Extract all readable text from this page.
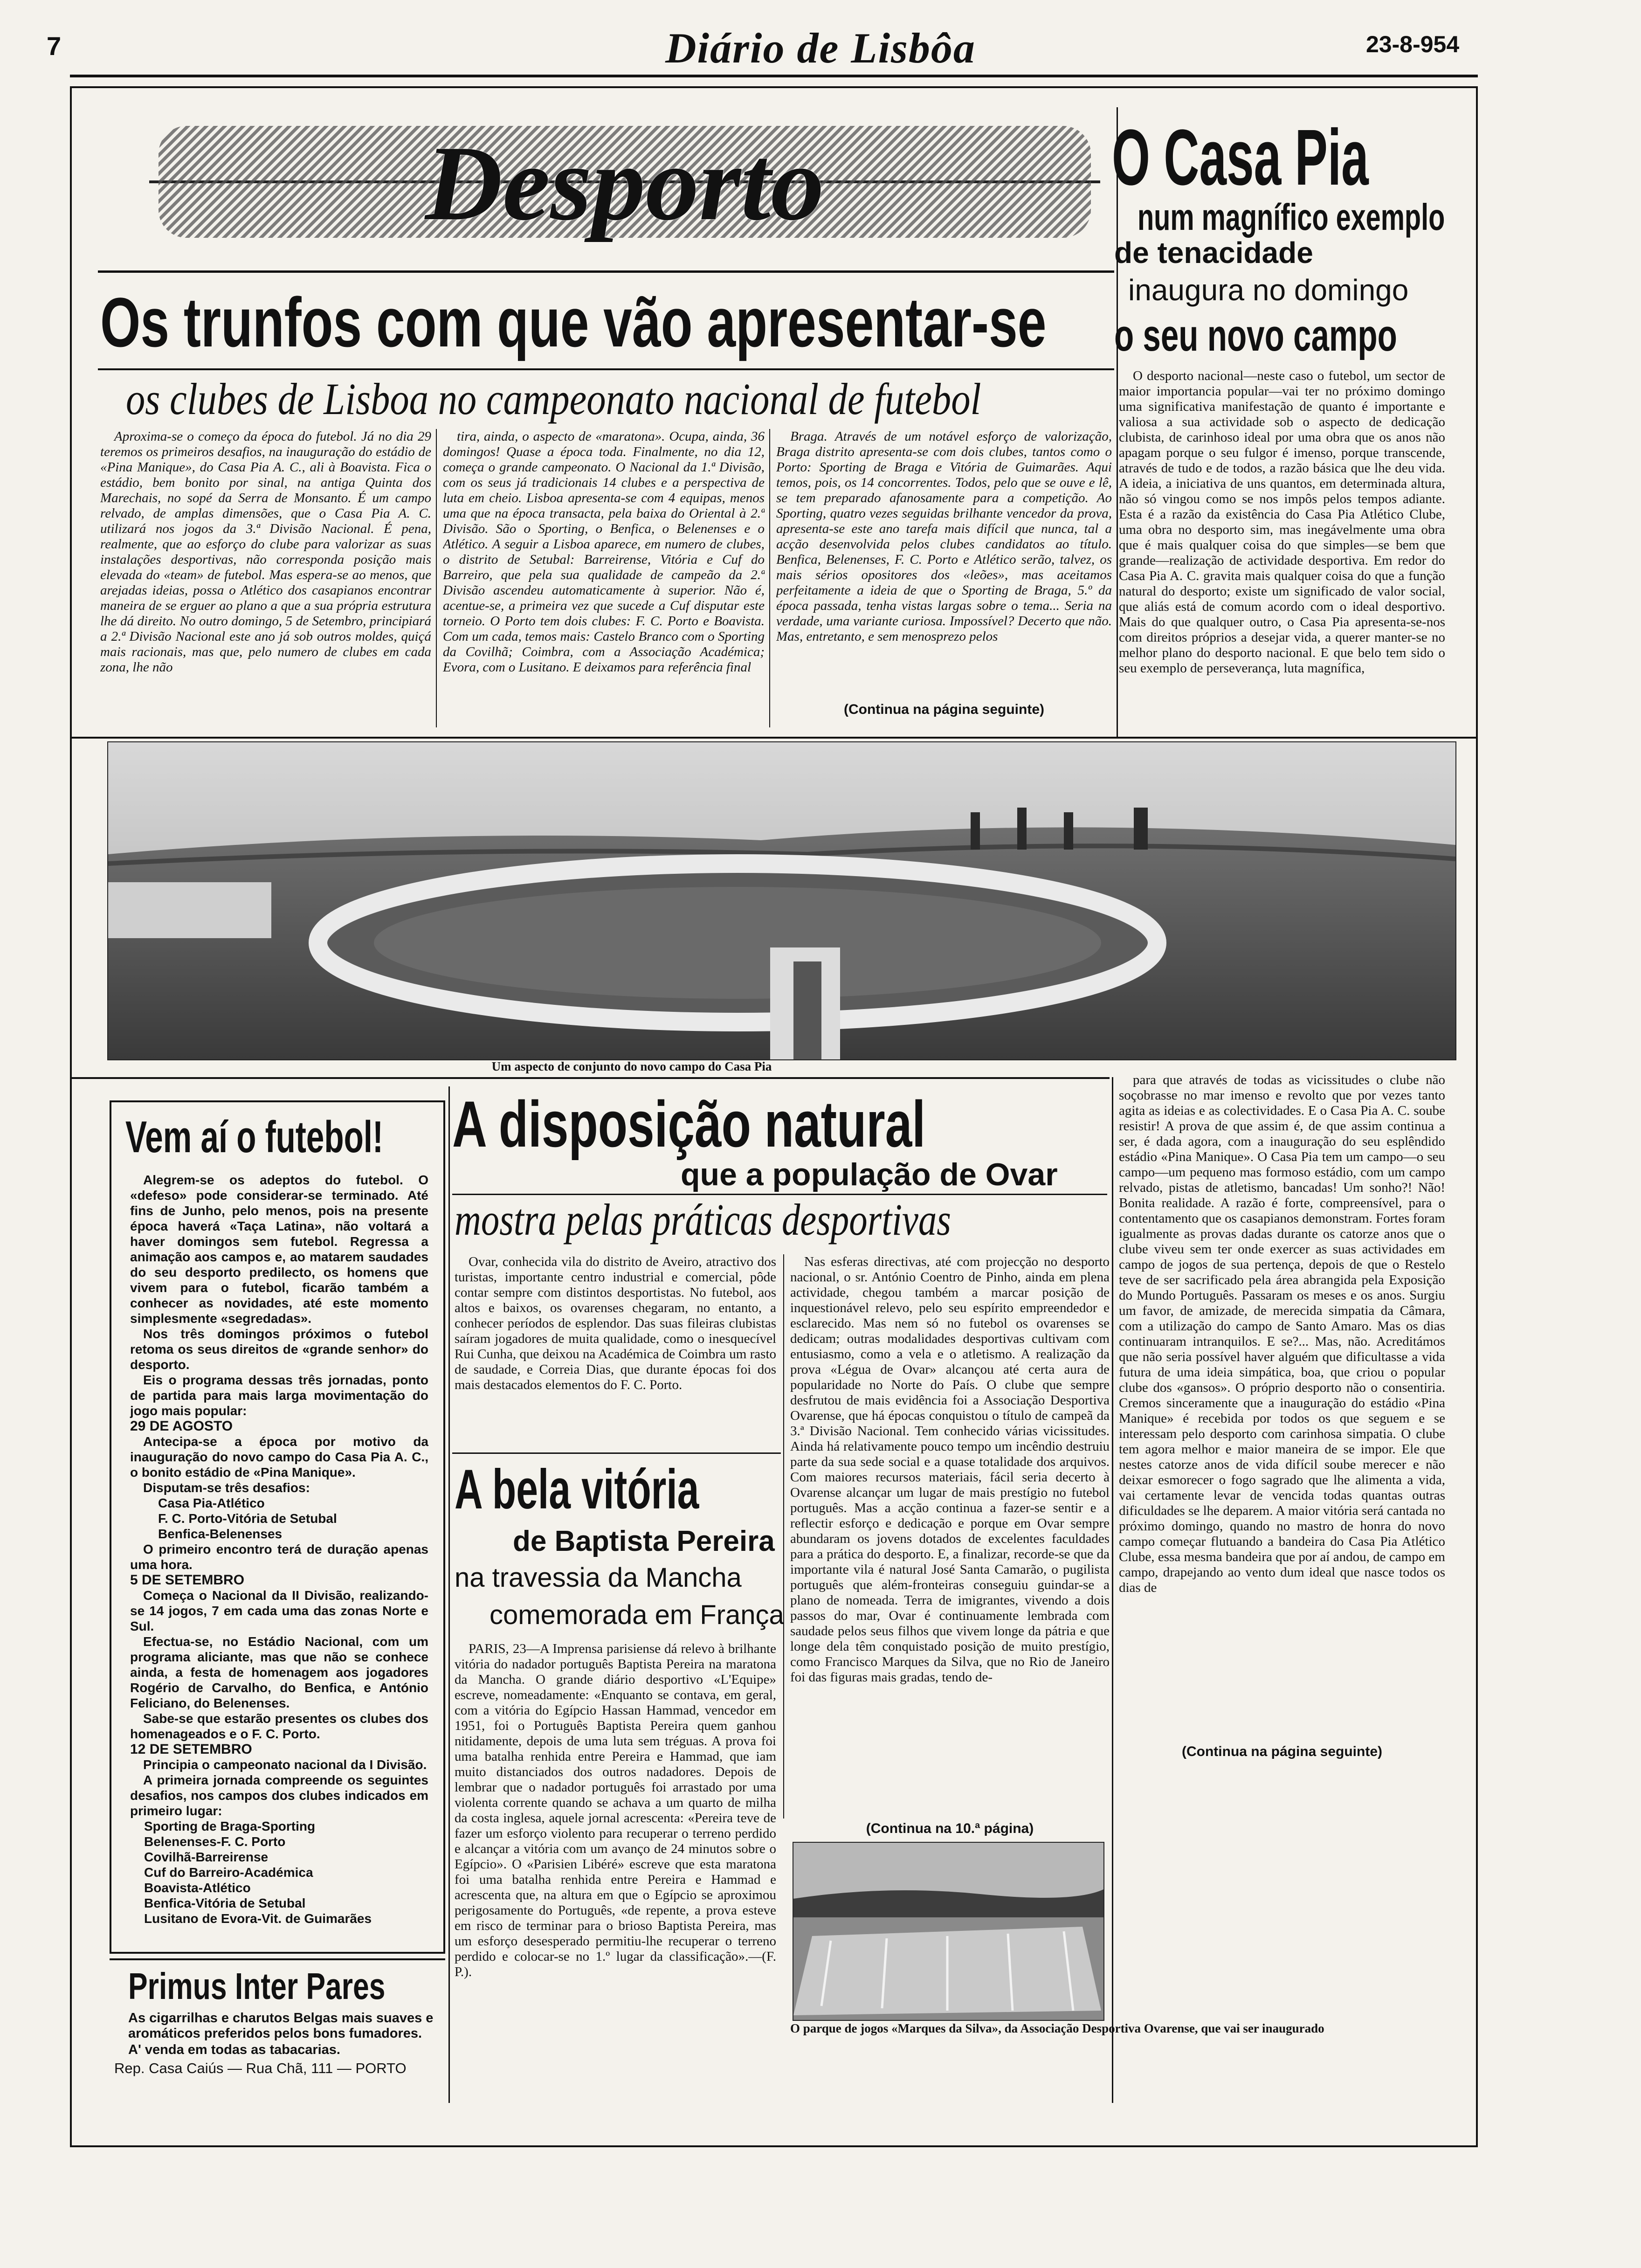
7	Diário de Lisbôa	23-8-954
Desporto
Os trunfos com que vão apresentar-se
os clubes de Lisboa no campeonato nacional de futebol

Aproxima-se o começo da época do futebol. Já no dia 29 teremos os primeiros desafios, na inauguração do estádio de «Pina Manique», do Casa Pia A. C., ali à Boavista. Fica o estádio, bem bonito por sinal, na antiga Quinta dos Marechais, no sopé da Serra de Monsanto. É um campo relvado, de amplas dimensões, que o Casa Pia A. C. utilizará nos jogos da 3.ª Divisão Nacional. É pena, realmente, que ao esforço do clube para valorizar as suas instalações desportivas, não corresponda posição mais elevada do «team» de futebol. Mas espera-se ao menos, que arejadas ideias, possa o Atlético dos casapianos encontrar maneira de se erguer ao plano a que a sua própria estrutura lhe dá direito. No outro domingo, 5 de Setembro, principiará a 2.ª Divisão Nacional este ano já sob outros moldes, quiçá mais racionais, mas que, pelo numero de clubes em cada zona, lhe não

tira, ainda, o aspecto de «maratona». Ocupa, ainda, 36 domingos! Quase a época toda. Finalmente, no dia 12, começa o grande campeonato. O Nacional da 1.ª Divisão, com os seus já tradicionais 14 clubes e a perspectiva de luta em cheio. Lisboa apresenta-se com 4 equipas, menos uma que na época transacta, pela baixa do Oriental à 2.ª Divisão. São o Sporting, o Benfica, o Belenenses e o Atlético. A seguir a Lisboa aparece, em numero de clubes, o distrito de Setubal: Barreirense, Vitória e Cuf do Barreiro, que pela sua qualidade de campeão da 2.ª Divisão ascendeu automaticamente à superior. Não é, acentue-se, a primeira vez que sucede a Cuf disputar este torneio. O Porto tem dois clubes: F. C. Porto e Boavista. Com um cada, temos mais: Castelo Branco com o Sporting da Covilhã; Coimbra, com a Associação Académica; Evora, com o Lusitano. E deixamos para referência final

Braga. Através de um notável esforço de valorização, Braga distrito apresenta-se com dois clubes, tantos como o Porto: Sporting de Braga e Vitória de Guimarães. Aqui temos, pois, os 14 concorrentes. Todos, pelo que se ouve e lê, se tem preparado afanosamente para a competição. Ao Sporting, quatro vezes seguidas brilhante vencedor da prova, apresenta-se este ano tarefa mais difícil que nunca, tal a acção desenvolvida pelos clubes candidatos ao título. Benfica, Belenenses, F. C. Porto e Atlético serão, talvez, os mais sérios opositores dos «leões», mas aceitamos perfeitamente a ideia de que o Sporting de Braga, 5.º da época passada, tenha vistas largas sobre o tema... Seria na verdade, uma variante curiosa. Impossível? Decerto que não. Mas, entretanto, e sem menosprezo pelos

(Continua na página seguinte)
O Casa Pia
num magnífico exemplo
de tenacidade
inaugura no domingo
o seu novo campo

O desporto nacional—neste caso o futebol, um sector de maior importancia popular—vai ter no próximo domingo uma significativa manifestação de quanto é importante e valiosa a sua actividade sob o aspecto de dedicação clubista, de carinhoso ideal por uma obra que os anos não apagam porque o seu fulgor é imenso, porque transcende, através de tudo e de todos, a razão básica que lhe deu vida. A ideia, a iniciativa de uns quantos, em determinada altura, não só vingou como se nos impôs pelos tempos adiante. Esta é a razão da existência do Casa Pia Atlético Clube, uma obra no desporto sim, mas inegávelmente uma obra que é mais qualquer coisa do que simples—se bem que grande—realização de actividade desportiva. Em redor do Casa Pia A. C. gravita mais qualquer coisa do que a função natural do desporto; existe um significado de valor social, que aliás está de comum acordo com o ideal desportivo. Mais do que qualquer outro, o Casa Pia apresenta-se-nos com direitos próprios a desejar vida, a querer manter-se no melhor plano do desporto nacional. E que belo tem sido o seu exemplo de perseverança, luta magnífica,

Um aspecto de conjunto do novo campo do Casa Pia

para que através de todas as vicissitudes o clube não soçobrasse no mar imenso e revolto que por vezes tanto agita as ideias e as colectividades. E o Casa Pia A. C. soube resistir! A prova de que assim é, de que assim continua a ser, é dada agora, com a inauguração do seu esplêndido estádio «Pina Manique». O Casa Pia tem um campo—o seu campo—um pequeno mas formoso estádio, com um campo relvado, pistas de atletismo, bancadas! Um sonho?! Não! Bonita realidade. A razão é forte, compreensível, para o contentamento que os casapianos demonstram. Fortes foram igualmente as provas dadas durante os catorze anos que o clube viveu sem ter onde exercer as suas actividades em campo de jogos de sua pertença, depois de que o Restelo teve de ser sacrificado pela área abrangida pela Exposição do Mundo Português. Passaram os meses e os anos. Surgiu um favor, de amizade, de merecida simpatia da Câmara, com a utilização do campo de Santo Amaro. Mas os dias continuaram intranquilos. E se?... Mas, não. Acreditámos que não seria possível haver alguém que dificultasse a vida futura de uma ideia simpática, boa, que criou o popular clube dos «gansos». O próprio desporto não o consentiria. Cremos sinceramente que a inauguração do estádio «Pina Manique» é recebida por todos os que seguem e se interessam pelo desporto com carinhosa simpatia. O clube tem agora melhor e maior maneira de se impor. Ele que nestes catorze anos de vida difícil soube merecer e não deixar esmorecer o fogo sagrado que lhe alimenta a vida, vai certamente levar de vencida todas quantas outras dificuldades se lhe deparem. A maior vitória será cantada no próximo domingo, quando no mastro de honra do novo campo começar flutuando a bandeira do Casa Pia Atlético Clube, essa mesma bandeira que por aí andou, de campo em campo, drapejando ao vento dum ideal que nasce todos os dias de

(Continua na página seguinte)
Vem aí o futebol!

Alegrem-se os adeptos do futebol. O «defeso» pode considerar-se terminado. Até fins de Junho, pelo menos, pois na presente época haverá «Taça Latina», não voltará a haver domingos sem futebol. Regressa a animação aos campos e, ao matarem saudades do seu desporto predilecto, os homens que vivem para o futebol, ficarão também a conhecer as novidades, até este momento simplesmente «segredadas».

Nos três domingos próximos o futebol retoma os seus direitos de «grande senhor» do desporto.

Eis o programa dessas três jornadas, ponto de partida para mais larga movimentação do jogo mais popular:

29 DE AGOSTO

Antecipa-se a época por motivo da inauguração do novo campo do Casa Pia A. C., o bonito estádio de «Pina Manique».

Disputam-se três desafios:

Casa Pia-Atlético

F. C. Porto-Vitória de Setubal

Benfica-Belenenses

O primeiro encontro terá de duração apenas uma hora.

5 DE SETEMBRO

Começa o Nacional da II Divisão, realizando-se 14 jogos, 7 em cada uma das zonas Norte e Sul.

Efectua-se, no Estádio Nacional, com um programa aliciante, mas que não se conhece ainda, a festa de homenagem aos jogadores Rogério de Carvalho, do Benfica, e António Feliciano, do Belenenses.

Sabe-se que estarão presentes os clubes dos homenageados e o F. C. Porto.

12 DE SETEMBRO

Principia o campeonato nacional da I Divisão.

A primeira jornada compreende os seguintes desafios, nos campos dos clubes indicados em primeiro lugar:

Sporting de Braga-Sporting

Belenenses-F. C. Porto

Covilhã-Barreirense

Cuf do Barreiro-Académica

Boavista-Atlético

Benfica-Vitória de Setubal

Lusitano de Evora-Vit. de Guimarães

Primus Inter Pares
As cigarrilhas e charutos Belgas mais suaves e aromáticos preferidos pelos bons fumadores.
A' venda em todas as tabacarias.
Rep. Casa Caiús — Rua Chã, 111 — PORTO
A disposição natural
que a população de Ovar
mostra pelas práticas desportivas

Ovar, conhecida vila do distrito de Aveiro, atractivo dos turistas, importante centro industrial e comercial, pôde contar sempre com distintos desportistas. No futebol, aos altos e baixos, os ovarenses chegaram, no entanto, a conhecer períodos de esplendor. Das suas fileiras clubistas saíram jogadores de muita qualidade, como o inesquecível Rui Cunha, que deixou na Académica de Coimbra um rasto de saudade, e Correia Dias, que durante épocas foi dos mais destacados elementos do F. C. Porto.

Nas esferas directivas, até com projecção no desporto nacional, o sr. António Coentro de Pinho, ainda em plena actividade, chegou também a marcar posição de inquestionável relevo, pelo seu espírito empreendedor e esclarecido. Mas nem só no futebol os ovarenses se dedicam; outras modalidades desportivas cultivam com entusiasmo, como a vela e o atletismo. A realização da prova «Légua de Ovar» alcançou até certa aura de popularidade no Norte do País. O clube que sempre desfrutou de mais evidência foi a Associação Desportiva Ovarense, que há épocas conquistou o título de campeã da 3.ª Divisão Nacional. Tem conhecido várias vicissitudes. Ainda há relativamente pouco tempo um incêndio destruiu parte da sua sede social e a quase totalidade dos arquivos. Com maiores recursos materiais, fácil seria decerto à Ovarense alcançar um lugar de mais prestígio no futebol português. Mas a acção continua a fazer-se sentir e a reflectir esforço e dedicação e porque em Ovar sempre abundaram os jovens dotados de excelentes faculdades para a prática do desporto. E, a finalizar, recorde-se que da importante vila é natural José Santa Camarão, o pugilista português que além-fronteiras conseguiu guindar-se a plano de nomeada. Terra de imigrantes, vivendo a dois passos do mar, Ovar é continuamente lembrada com saudade pelos seus filhos que vivem longe da pátria e que longe dela têm conquistado posição de muito prestígio, como Francisco Marques da Silva, que no Rio de Janeiro foi das figuras mais gradas, tendo de-

(Continua na 10.ª página)
A bela vitória
de Baptista Pereira
na travessia da Mancha
comemorada em França

PARIS, 23—A Imprensa parisiense dá relevo à brilhante vitória do nadador português Baptista Pereira na maratona da Mancha. O grande diário desportivo «L'Equipe» escreve, nomeadamente: «Enquanto se contava, em geral, com a vitória do Egípcio Hassan Hammad, vencedor em 1951, foi o Português Baptista Pereira quem ganhou nitidamente, depois de uma luta sem tréguas. A prova foi uma batalha renhida entre Pereira e Hammad, que iam muito distanciados dos outros nadadores. Depois de lembrar que o nadador português foi arrastado por uma violenta corrente quando se achava a um quarto de milha da costa inglesa, aquele jornal acrescenta: «Pereira teve de fazer um esforço violento para recuperar o terreno perdido e alcançar a vitória com um avanço de 24 minutos sobre o Egípcio». O «Parisien Libéré» escreve que esta maratona foi uma batalha renhida entre Pereira e Hammad e acrescenta que, na altura em que o Egípcio se aproximou perigosamente do Português, «de repente, a prova esteve em risco de terminar para o brioso Baptista Pereira, mas um esforço desesperado permitiu-lhe recuperar o terreno perdido e colocar-se no 1.º lugar da classificação».—(F. P.).

O parque de jogos «Marques da Silva», da Associação Desportiva Ovarense, que vai ser inaugurado
